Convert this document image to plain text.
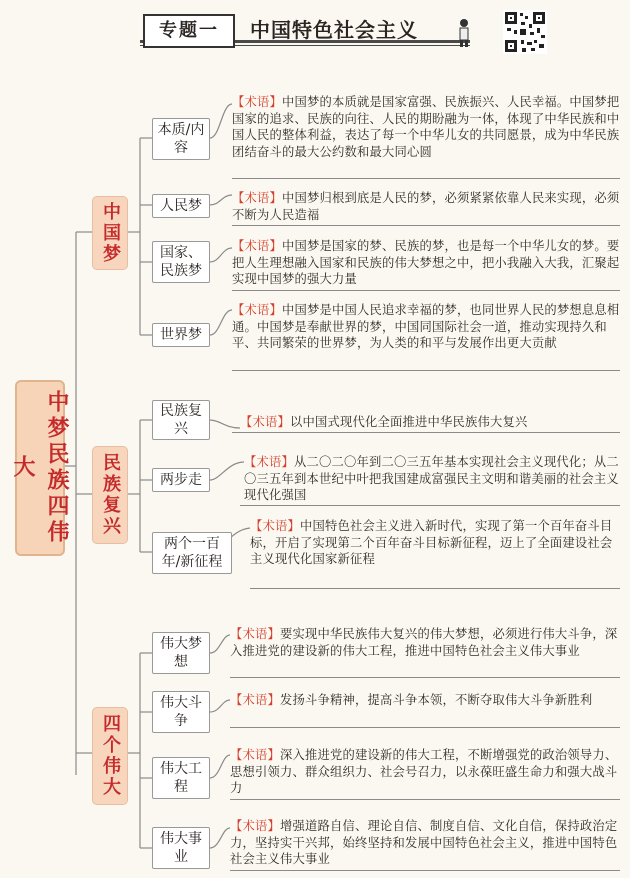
专题一	中国特色社会主义
中梦民族四伟大
中国梦
民族复兴
四个伟大
本质/内容
人民梦
国家、民族梦
世界梦
民族复兴
两步走
两个一百年/新征程
伟大梦想
伟大斗争
伟大工程
伟大事业
【术语】中国梦的本质就是国家富强、民族振兴、人民幸福。中国梦把国家的追求、民族的向往、人民的期盼融为一体，体现了中华民族和中国人民的整体利益，表达了每一个中华儿女的共同愿景，成为中华民族团结奋斗的最大公约数和最大同心圆
【术语】中国梦归根到底是人民的梦，必须紧紧依靠人民来实现，必须不断为人民造福
【术语】中国梦是国家的梦、民族的梦，也是每一个中华儿女的梦。要把人生理想融入国家和民族的伟大梦想之中，把小我融入大我，汇聚起实现中国梦的强大力量
【术语】中国梦是中国人民追求幸福的梦，也同世界人民的梦想息息相通。中国梦是奉献世界的梦，中国同国际社会一道，推动实现持久和平、共同繁荣的世界梦，为人类的和平与发展作出更大贡献
【术语】以中国式现代化全面推进中华民族伟大复兴
【术语】从二〇二〇年到二〇三五年基本实现社会主义现代化；从二〇三五年到本世纪中叶把我国建成富强民主文明和谐美丽的社会主义现代化强国
【术语】中国特色社会主义进入新时代，实现了第一个百年奋斗目标，开启了实现第二个百年奋斗目标新征程，迈上了全面建设社会主义现代化国家新征程
【术语】要实现中华民族伟大复兴的伟大梦想，必须进行伟大斗争，深入推进党的建设新的伟大工程，推进中国特色社会主义伟大事业
【术语】发扬斗争精神，提高斗争本领，不断夺取伟大斗争新胜利
【术语】深入推进党的建设新的伟大工程，不断增强党的政治领导力、思想引领力、群众组织力、社会号召力，以永葆旺盛生命力和强大战斗力
【术语】增强道路自信、理论自信、制度自信、文化自信，保持政治定力，坚持实干兴邦，始终坚持和发展中国特色社会主义，推进中国特色社会主义伟大事业
